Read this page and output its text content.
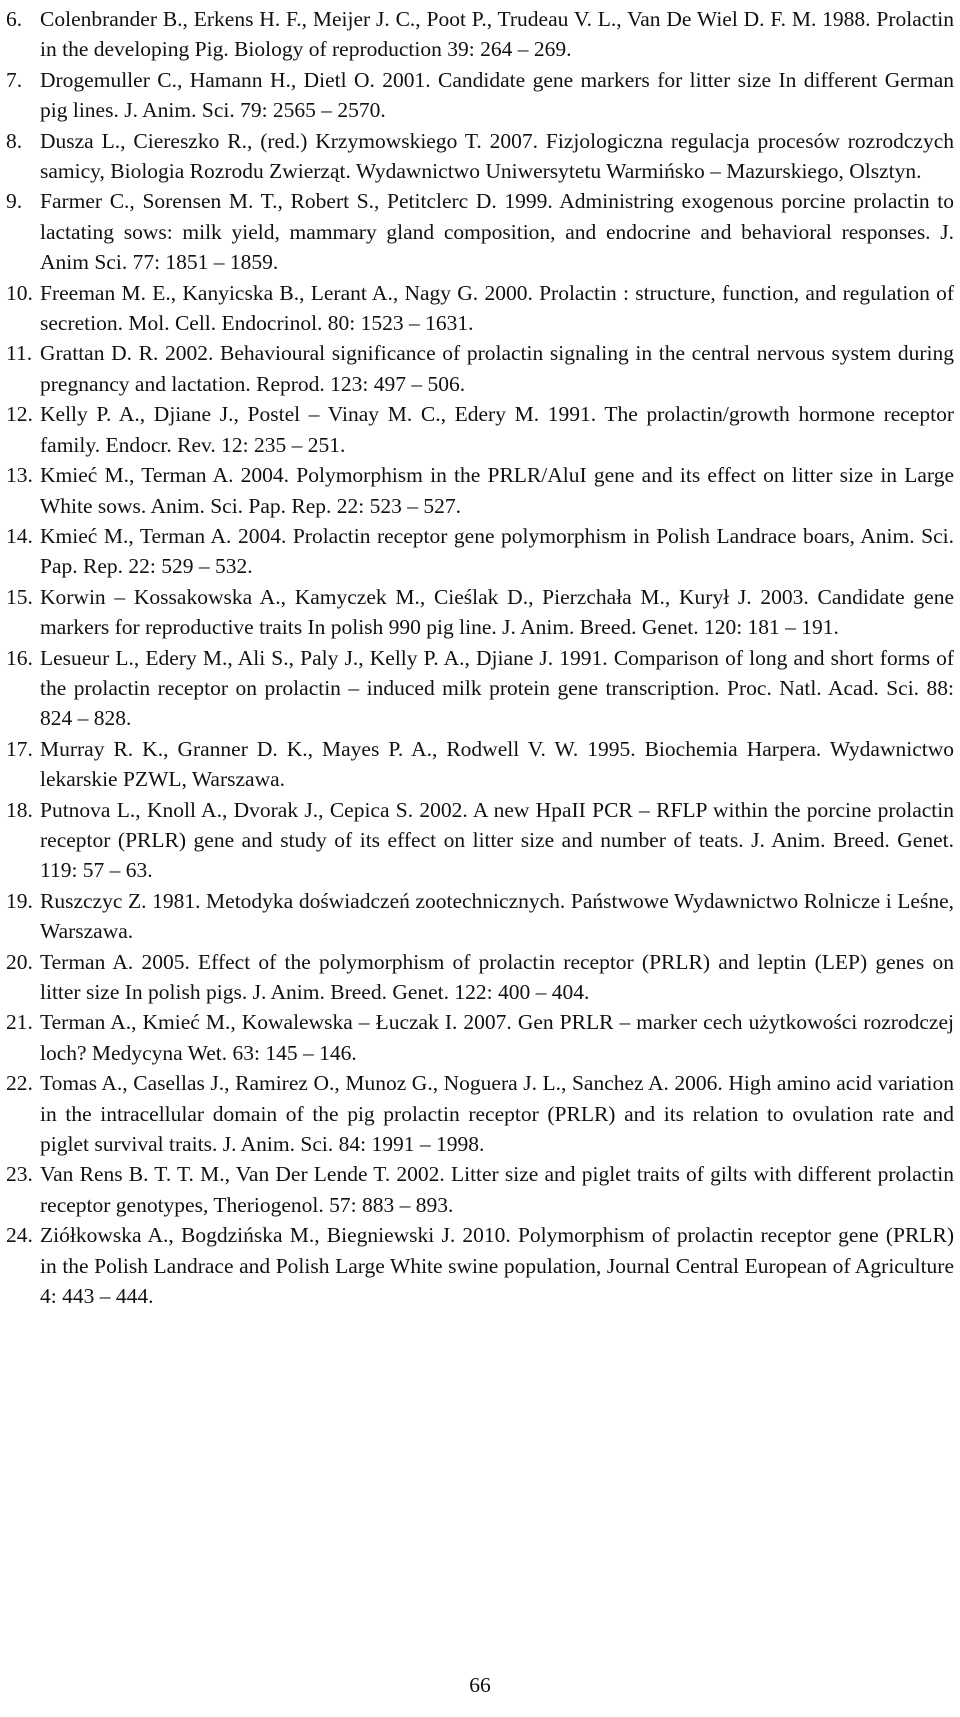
6. Colenbrander B., Erkens H. F., Meijer J. C., Poot P., Trudeau V. L., Van De Wiel D. F. M. 1988. Prolactin in the developing Pig. Biology of reproduction 39: 264 – 269.
7. Drogemuller C., Hamann H., Dietl O. 2001. Candidate gene markers for litter size In different German pig lines. J. Anim. Sci. 79: 2565 – 2570.
8. Dusza L., Ciereszko R., (red.) Krzymowskiego T. 2007. Fizjologiczna regulacja procesów rozrodczych samicy, Biologia Rozrodu Zwierząt. Wydawnictwo Uniwersytetu Warmińsko – Mazurskiego, Olsztyn.
9. Farmer C., Sorensen M. T., Robert S., Petitclerc D. 1999. Administring exogenous porcine prolactin to lactating sows: milk yield, mammary gland composition, and endocrine and behavioral responses. J. Anim Sci. 77: 1851 – 1859.
10. Freeman M. E., Kanyicska B., Lerant A., Nagy G. 2000. Prolactin : structure, function, and regulation of secretion. Mol. Cell. Endocrinol. 80: 1523 – 1631.
11. Grattan D. R. 2002. Behavioural significance of prolactin signaling in the central nervous system during pregnancy and lactation. Reprod. 123: 497 – 506.
12. Kelly P. A., Djiane J., Postel – Vinay M. C., Edery M. 1991. The prolactin/growth hormone receptor family. Endocr. Rev. 12: 235 – 251.
13. Kmieć M., Terman A. 2004. Polymorphism in the PRLR/AluI gene and its effect on litter size in Large White sows. Anim. Sci. Pap. Rep. 22: 523 – 527.
14. Kmieć M., Terman A. 2004. Prolactin receptor gene polymorphism in Polish Landrace boars, Anim. Sci. Pap. Rep. 22: 529 – 532.
15. Korwin – Kossakowska A., Kamyczek M., Cieślak D., Pierzchała M., Kurył J. 2003. Candidate gene markers for reproductive traits In polish 990 pig line. J. Anim. Breed. Genet. 120: 181 – 191.
16. Lesueur L., Edery M., Ali S., Paly J., Kelly P. A., Djiane J. 1991. Comparison of long and short forms of the prolactin receptor on prolactin – induced milk protein gene transcription. Proc. Natl. Acad. Sci. 88: 824 – 828.
17. Murray R. K., Granner D. K., Mayes P. A., Rodwell V. W. 1995. Biochemia Harpera. Wydawnictwo lekarskie PZWL, Warszawa.
18. Putnova L., Knoll A., Dvorak J., Cepica S. 2002. A new HpaII PCR – RFLP within the porcine prolactin receptor (PRLR) gene and study of its effect on litter size and number of teats. J. Anim. Breed. Genet. 119: 57 – 63.
19. Ruszczyc Z. 1981. Metodyka doświadczeń zootechnicznych. Państwowe Wydawnictwo Rolnicze i Leśne, Warszawa.
20. Terman A. 2005. Effect of the polymorphism of prolactin receptor (PRLR) and leptin (LEP) genes on litter size In polish pigs. J. Anim. Breed. Genet. 122: 400 – 404.
21. Terman A., Kmieć M., Kowalewska – Łuczak I. 2007. Gen PRLR – marker cech użytkowości rozrodczej loch? Medycyna Wet. 63: 145 – 146.
22. Tomas A., Casellas J., Ramirez O., Munoz G., Noguera J. L., Sanchez A. 2006. High amino acid variation in the intracellular domain of the pig prolactin receptor (PRLR) and its relation to ovulation rate and piglet survival traits. J. Anim. Sci. 84: 1991 – 1998.
23. Van Rens B. T. T. M., Van Der Lende T. 2002. Litter size and piglet traits of gilts with different prolactin receptor genotypes, Theriogenol. 57: 883 – 893.
24. Ziółkowska A., Bogdzińska M., Biegniewski J. 2010. Polymorphism of prolactin receptor gene (PRLR) in the Polish Landrace and Polish Large White swine population, Journal Central European of Agriculture 4: 443 – 444.
66
